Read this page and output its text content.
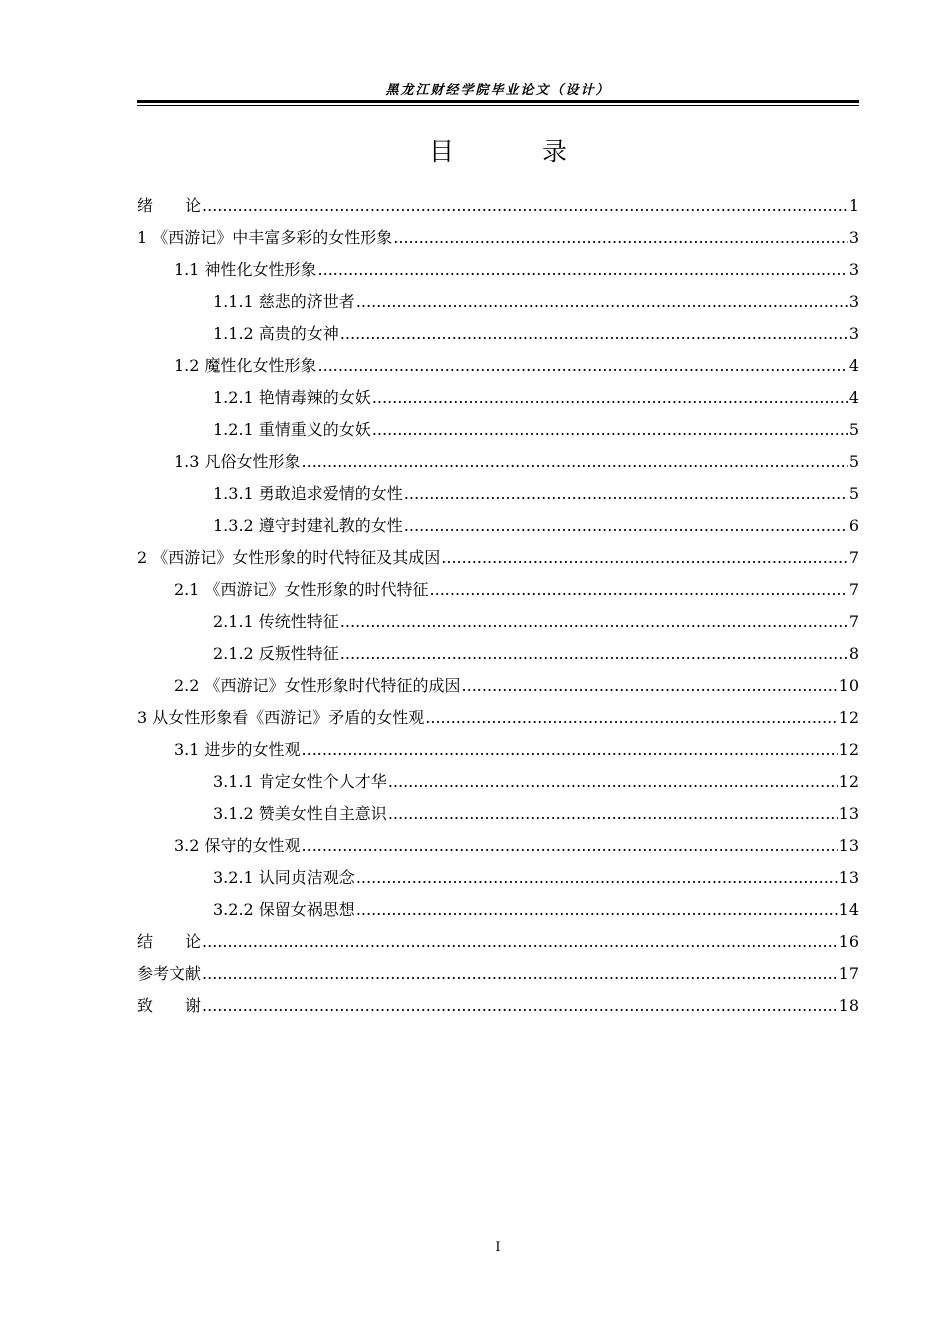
黑龙江财经学院毕业论文（设计）
目 录
绪　　论 .....	1
1 《西游记》中丰富多彩的女性形象 .....	3
1.1 神性化女性形象 .....	3
1.1.1 慈悲的济世者 .....	3
1.1.2 高贵的女神 .....	3
1.2 魔性化女性形象 .....	4
1.2.1 艳情毒辣的女妖 .....	4
1.2.1 重情重义的女妖 .....	5
1.3 凡俗女性形象 .....	5
1.3.1 勇敢追求爱情的女性 .....	5
1.3.2 遵守封建礼教的女性 .....	6
2 《西游记》女性形象的时代特征及其成因 .....	7
2.1 《西游记》女性形象的时代特征 .....	7
2.1.1 传统性特征 .....	7
2.1.2 反叛性特征 .....	8
2.2 《西游记》女性形象时代特征的成因 .....	10
3 从女性形象看《西游记》矛盾的女性观 .....	12
3.1 进步的女性观 .....	12
3.1.1 肯定女性个人才华 .....	12
3.1.2 赞美女性自主意识 .....	13
3.2 保守的女性观 .....	13
3.2.1 认同贞洁观念 .....	13
3.2.2 保留女祸思想 .....	14
结　　论 .....	16
参考文献 .....	17
致　　谢 .....	18
I
